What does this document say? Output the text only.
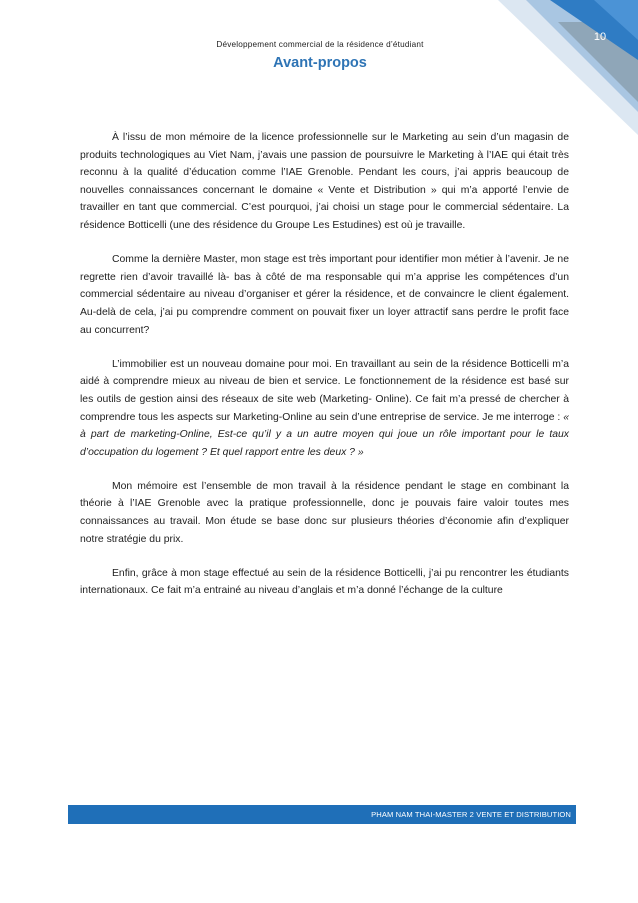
10
Développement commercial de la résidence d’étudiant
Avant-propos

À l’issu de mon mémoire de la licence professionnelle sur le Marketing au sein d’un magasin de produits technologiques au Viet Nam, j’avais une passion de poursuivre le Marketing à l’IAE qui était très reconnu à la qualité d’éducation comme l’IAE Grenoble. Pendant les cours, j’ai appris beaucoup de nouvelles connaissances concernant le domaine « Vente et Distribution » qui m’a apporté l’envie de travailler en tant que commercial. C’est pourquoi, j’ai choisi un stage pour le commercial sédentaire. La résidence Botticelli (une des résidence du Groupe Les Estudines) est où je travaille.

Comme la dernière Master, mon stage est très important pour identifier mon métier à l’avenir. Je ne regrette rien d’avoir travaillé là- bas à côté de ma responsable qui m’a apprise les compétences d’un commercial sédentaire au niveau d’organiser et gérer la résidence, et de convaincre le client également. Au-delà de cela, j’ai pu comprendre comment on pouvait fixer un loyer attractif sans perdre le profit face au concurrent?

L’immobilier est un nouveau domaine pour moi. En travaillant au sein de la résidence Botticelli m’a aidé à comprendre mieux au niveau de bien et service. Le fonctionnement de la résidence est basé sur les outils de gestion ainsi des réseaux de site web (Marketing- Online). Ce fait m’a pressé de chercher à comprendre tous les aspects sur Marketing-Online au sein d’une entreprise de service. Je me interroge : « à part de marketing-Online, Est-ce qu’il y a un autre moyen qui joue un rôle important pour le taux d’occupation du logement ? Et quel rapport entre les deux ? »

Mon mémoire est l’ensemble de mon travail à la résidence pendant le stage en combinant la théorie à l’IAE Grenoble avec la pratique professionnelle, donc je pouvais faire valoir toutes mes connaissances au travail. Mon étude se base donc sur plusieurs théories d’économie afin d’expliquer notre stratégie du prix.

Enfin, grâce à mon stage effectué au sein de la résidence Botticelli, j’ai pu rencontrer les étudiants internationaux. Ce fait m’a entrainé au niveau d’anglais et m’a donné l’échange de la culture

PHAM NAM THAI-MASTER 2 VENTE ET DISTRIBUTION
